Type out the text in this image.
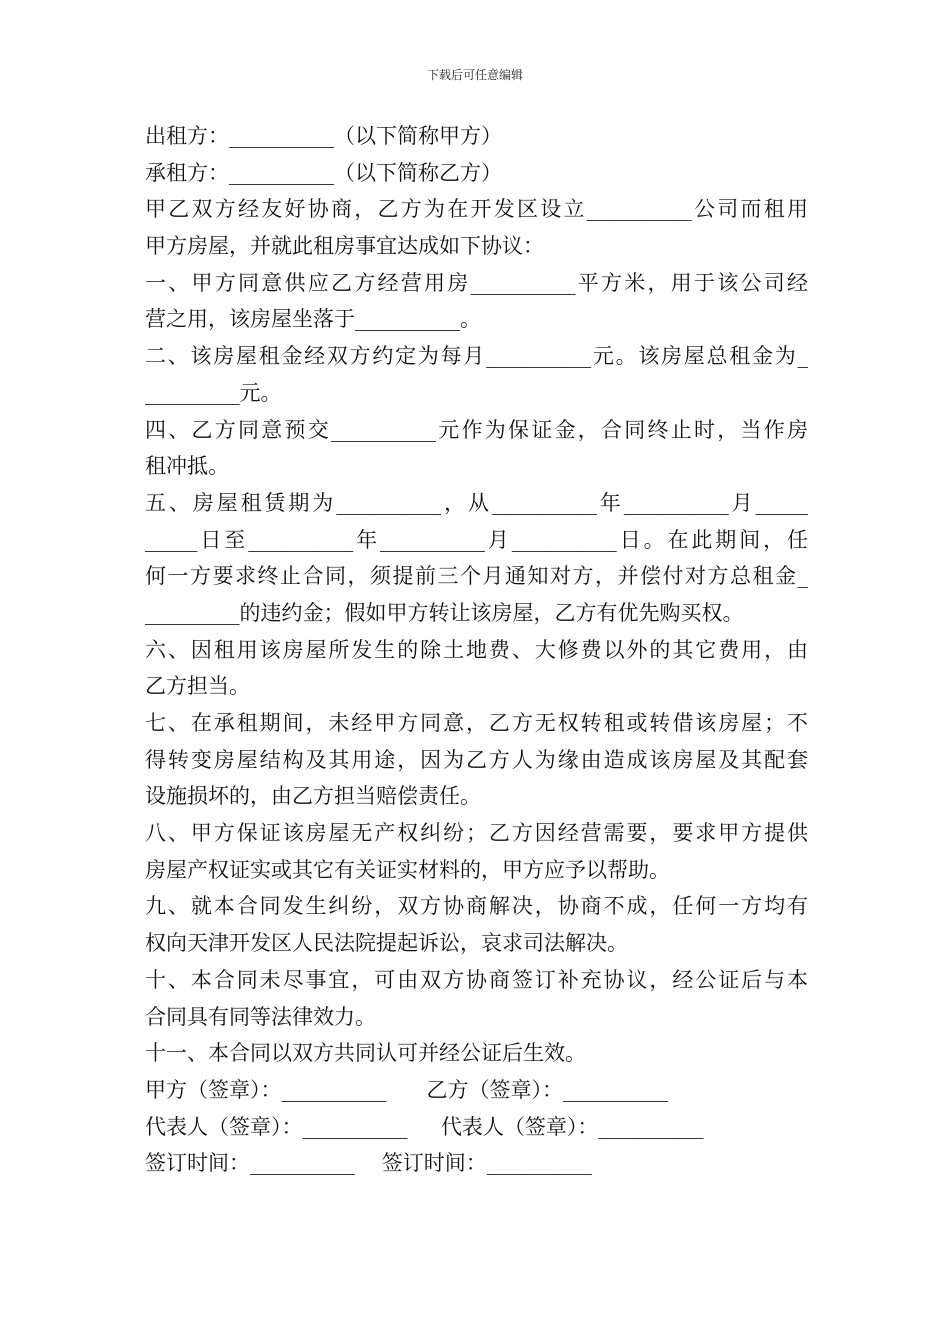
下载后可任意编辑
出租方：__________（以下简称甲方）
承租方：__________（以下简称乙方）
甲乙双方经友好协商，乙方为在开发区设立__________公司而租用
甲方房屋，并就此租房事宜达成如下协议：
一、甲方同意供应乙方经营用房__________平方米，用于该公司经
营之用，该房屋坐落于__________。
二、该房屋租金经双方约定为每月__________元。该房屋总租金为_
_________元。
四、乙方同意预交__________元作为保证金，合同终止时，当作房
租冲抵。
五、房屋租赁期为__________，从__________年__________月_____
_____日至__________年__________月__________日。在此期间，任
何一方要求终止合同，须提前三个月通知对方，并偿付对方总租金_
_________的违约金；假如甲方转让该房屋，乙方有优先购买权。
六、因租用该房屋所发生的除土地费、大修费以外的其它费用，由
乙方担当。
七、在承租期间，未经甲方同意，乙方无权转租或转借该房屋；不
得转变房屋结构及其用途，因为乙方人为缘由造成该房屋及其配套
设施损坏的，由乙方担当赔偿责任。
八、甲方保证该房屋无产权纠纷；乙方因经营需要，要求甲方提供
房屋产权证实或其它有关证实材料的，甲方应予以帮助。
九、就本合同发生纠纷，双方协商解决，协商不成，任何一方均有
权向天津开发区人民法院提起诉讼，哀求司法解决。
十、本合同未尽事宜，可由双方协商签订补充协议，经公证后与本
合同具有同等法律效力。
十一、本合同以双方共同认可并经公证后生效。
甲方（签章）：__________      乙方（签章）：__________
代表人（签章）：__________     代表人（签章）：__________
签订时间：__________    签订时间：__________
